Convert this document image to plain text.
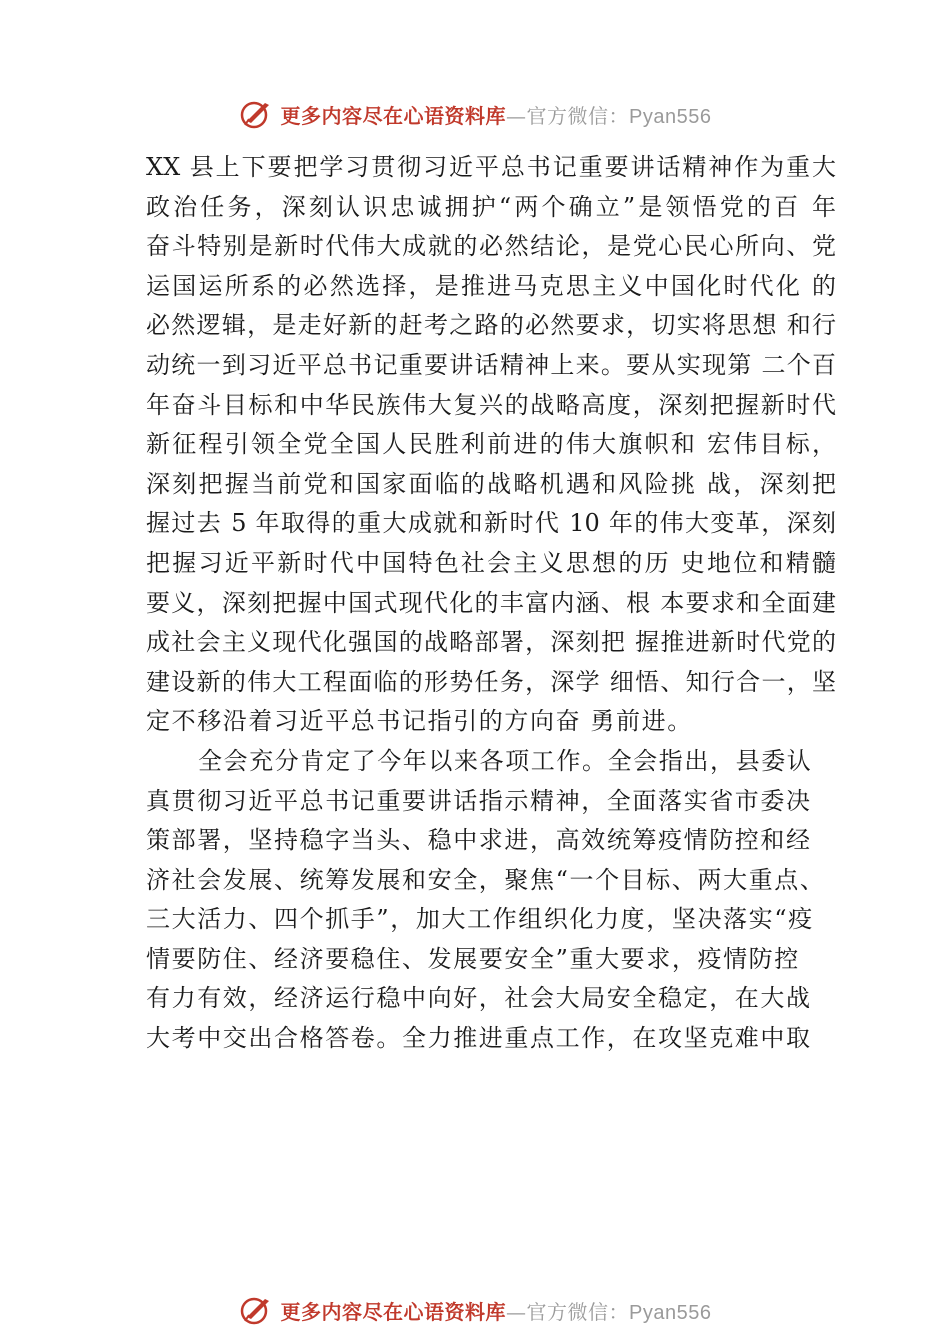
更多内容尽在心语资料库—官方微信：Pyan556
XX 县上下要把学习贯彻习近平总书记重要讲话精神作为重大
政治任务，深刻认识忠诚拥护“两个确立”是领悟党的百 年
奋斗特别是新时代伟大成就的必然结论，是党心民心所向、党
运国运所系的必然选择，是推进马克思主义中国化时代化 的
必然逻辑，是走好新的赶考之路的必然要求，切实将思想 和行
动统一到习近平总书记重要讲话精神上来。要从实现第 二个百
年奋斗目标和中华民族伟大复兴的战略高度，深刻把握新时代
新征程引领全党全国人民胜利前进的伟大旗帜和 宏伟目标，
深刻把握当前党和国家面临的战略机遇和风险挑 战，深刻把
握过去 5 年取得的重大成就和新时代 10 年的伟大变革，深刻
把握习近平新时代中国特色社会主义思想的历 史地位和精髓
要义，深刻把握中国式现代化的丰富内涵、根 本要求和全面建
成社会主义现代化强国的战略部署，深刻把 握推进新时代党的
建设新的伟大工程面临的形势任务，深学 细悟、知行合一，坚
定不移沿着习近平总书记指引的方向奋 勇前进。
全会充分肯定了今年以来各项工作。全会指出，县委认
真贯彻习近平总书记重要讲话指示精神，全面落实省市委决
策部署，坚持稳字当头、稳中求进，高效统筹疫情防控和经
济社会发展、统筹发展和安全，聚焦“一个目标、两大重点、
三大活力、四个抓手”，加大工作组织化力度，坚决落实“疫
情要防住、经济要稳住、发展要安全”重大要求，疫情防控
有力有效，经济运行稳中向好，社会大局安全稳定，在大战
大考中交出合格答卷。全力推进重点工作，在攻坚克难中取
更多内容尽在心语资料库—官方微信：Pyan556
